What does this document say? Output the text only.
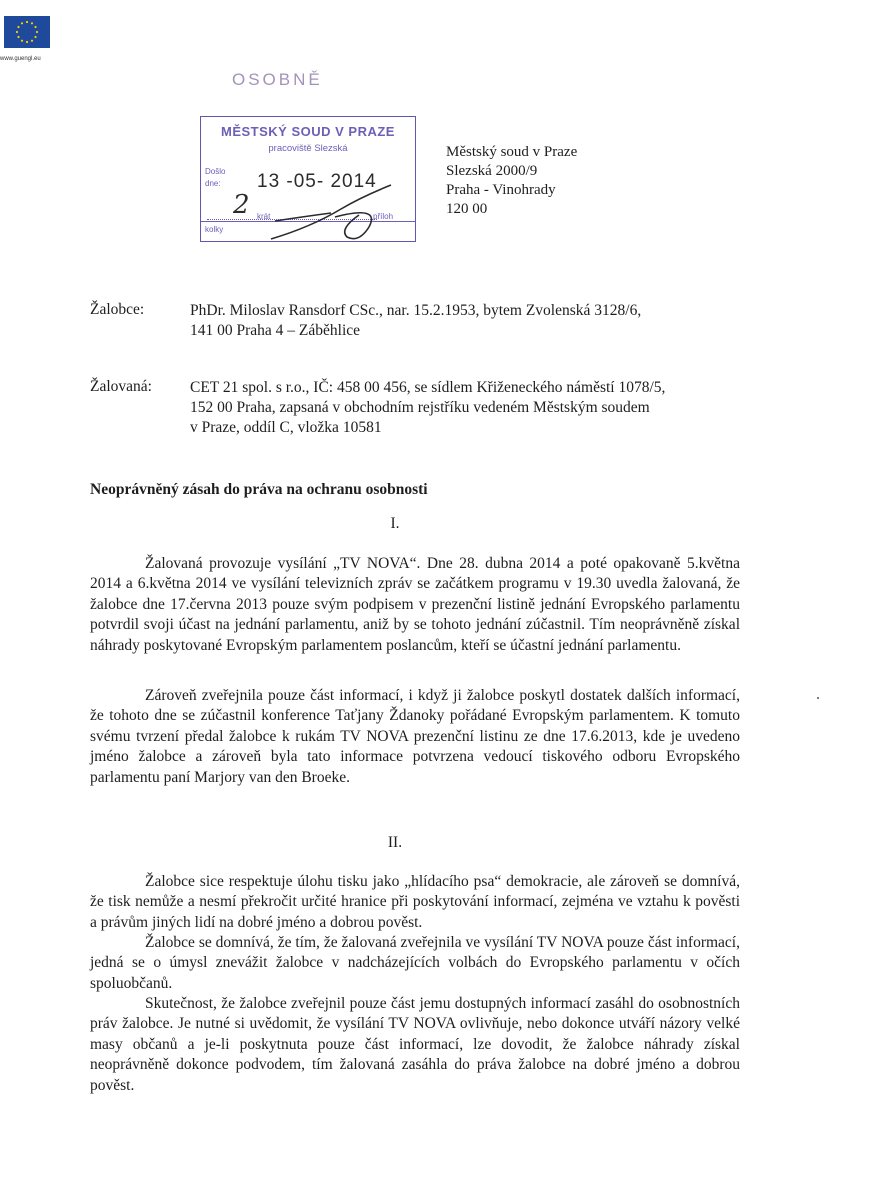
www.guengl.eu
OSOBNĚ
MĚSTSKÝ SOUD V PRAZE
pracoviště Slezská
Došlo
dne: 13 -05- 2014
krát	příloh
kolky
2
Městský soud v Praze
Slezská 2000/9
Praha - Vinohrady
120 00
Žalobce:	PhDr. Miloslav Ransdorf CSc., nar. 15.2.1953, bytem Zvolenská 3128/6,
141 00 Praha 4 – Záběhlice
Žalovaná: CET 21 spol. s r.o., IČ: 458 00 456, se sídlem Křiženeckého náměstí 1078/5,
152 00 Praha, zapsaná v obchodním rejstříku vedeném Městským soudem
v Praze, oddíl C, vložka 10581
Neoprávněný zásah do práva na ochranu osobnosti
I.
Žalovaná provozuje vysílání „TV NOVA“. Dne 28. dubna 2014 a poté opakovaně 5.května 2014 a 6.května 2014 ve vysílání televizních zpráv se začátkem programu v 19.30 uvedla žalovaná, že žalobce dne 17.června 2013 pouze svým podpisem v prezenční listině jednání Evropského parlamentu potvrdil svoji účast na jednání parlamentu, aniž by se tohoto jednání zúčastnil. Tím neoprávněně získal náhrady poskytované Evropským parlamentem poslancům, kteří se účastní jednání parlamentu.
Zároveň zveřejnila pouze část informací, i když ji žalobce poskytl dostatek dalších informací, že tohoto dne se zúčastnil konference Taťjany Ždanoky pořádané Evropským parlamentem. K tomuto svému tvrzení předal žalobce k rukám TV NOVA prezenční listinu ze dne 17.6.2013, kde je uvedeno jméno žalobce a zároveň byla tato informace potvrzena vedoucí tiskového odboru Evropského parlamentu paní Marjory van den Broeke.
II.
Žalobce sice respektuje úlohu tisku jako „hlídacího psa“ demokracie, ale zároveň se domnívá, že tisk nemůže a nesmí překročit určité hranice při poskytování informací, zejména ve vztahu k pověsti a právům jiných lidí na dobré jméno a dobrou pověst.
Žalobce se domnívá, že tím, že žalovaná zveřejnila ve vysílání TV NOVA pouze část informací, jedná se o úmysl znevážit žalobce v nadcházejících volbách do Evropského parlamentu v očích spoluobčanů.
Skutečnost, že žalobce zveřejnil pouze část jemu dostupných informací zasáhl do osobnostních práv žalobce. Je nutné si uvědomit, že vysílání TV NOVA ovlivňuje, nebo dokonce utváří názory velké masy občanů a je-li poskytnuta pouze část informací, lze dovodit, že žalobce náhrady získal neoprávněně dokonce podvodem, tím žalovaná zasáhla do práva žalobce na dobré jméno a dobrou pověst.
